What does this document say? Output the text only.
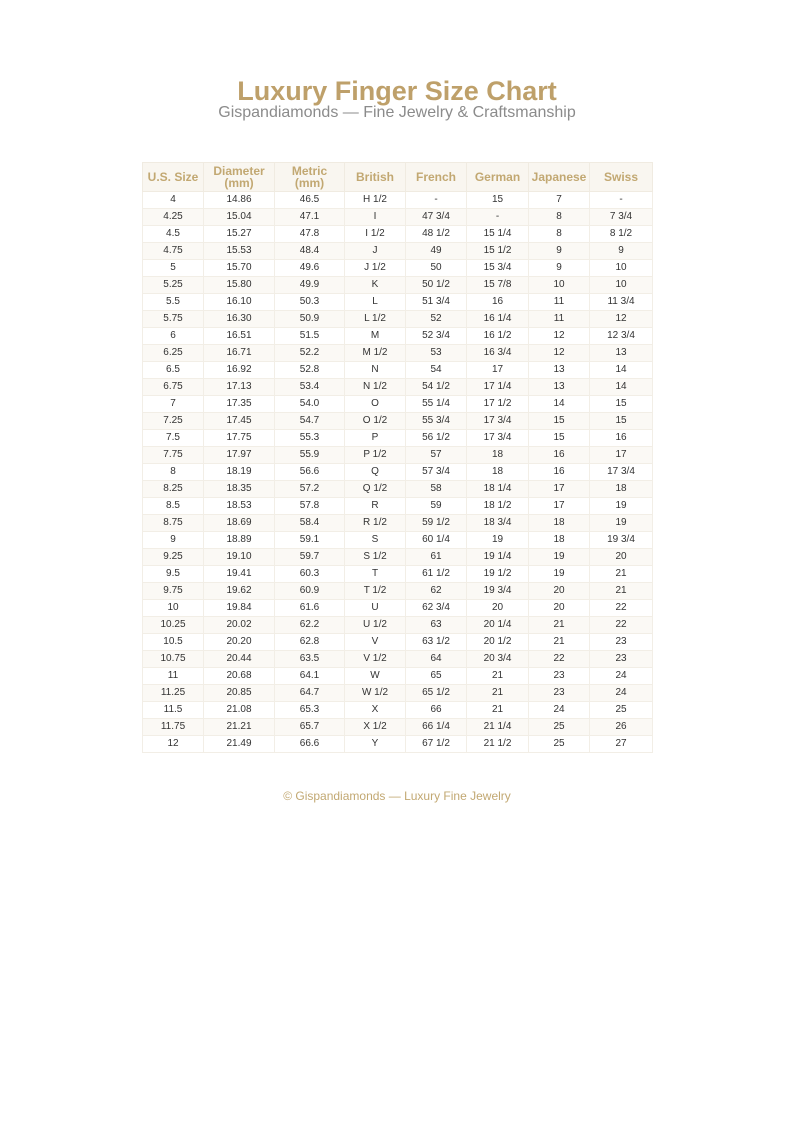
Luxury Finger Size Chart
Gispandiamonds — Fine Jewelry & Craftsmanship
U.S. Size	Diameter (mm)	Metric (mm)	British	French	German	Japanese	Swiss
4	14.86	46.5	H 1/2	-	15	7	-
4.25	15.04	47.1	I	47 3/4	-	8	7 3/4
4.5	15.27	47.8	I 1/2	48 1/2	15 1/4	8	8 1/2
4.75	15.53	48.4	J	49	15 1/2	9	9
5	15.70	49.6	J 1/2	50	15 3/4	9	10
5.25	15.80	49.9	K	50 1/2	15 7/8	10	10
5.5	16.10	50.3	L	51 3/4	16	11	11 3/4
5.75	16.30	50.9	L 1/2	52	16 1/4	11	12
6	16.51	51.5	M	52 3/4	16 1/2	12	12 3/4
6.25	16.71	52.2	M 1/2	53	16 3/4	12	13
6.5	16.92	52.8	N	54	17	13	14
6.75	17.13	53.4	N 1/2	54 1/2	17 1/4	13	14
7	17.35	54.0	O	55 1/4	17 1/2	14	15
7.25	17.45	54.7	O 1/2	55 3/4	17 3/4	15	15
7.5	17.75	55.3	P	56 1/2	17 3/4	15	16
7.75	17.97	55.9	P 1/2	57	18	16	17
8	18.19	56.6	Q	57 3/4	18	16	17 3/4
8.25	18.35	57.2	Q 1/2	58	18 1/4	17	18
8.5	18.53	57.8	R	59	18 1/2	17	19
8.75	18.69	58.4	R 1/2	59 1/2	18 3/4	18	19
9	18.89	59.1	S	60 1/4	19	18	19 3/4
9.25	19.10	59.7	S 1/2	61	19 1/4	19	20
9.5	19.41	60.3	T	61 1/2	19 1/2	19	21
9.75	19.62	60.9	T 1/2	62	19 3/4	20	21
10	19.84	61.6	U	62 3/4	20	20	22
10.25	20.02	62.2	U 1/2	63	20 1/4	21	22
10.5	20.20	62.8	V	63 1/2	20 1/2	21	23
10.75	20.44	63.5	V 1/2	64	20 3/4	22	23
11	20.68	64.1	W	65	21	23	24
11.25	20.85	64.7	W 1/2	65 1/2	21	23	24
11.5	21.08	65.3	X	66	21	24	25
11.75	21.21	65.7	X 1/2	66 1/4	21 1/4	25	26
12	21.49	66.6	Y	67 1/2	21 1/2	25	27
© Gispandiamonds — Luxury Fine Jewelry
